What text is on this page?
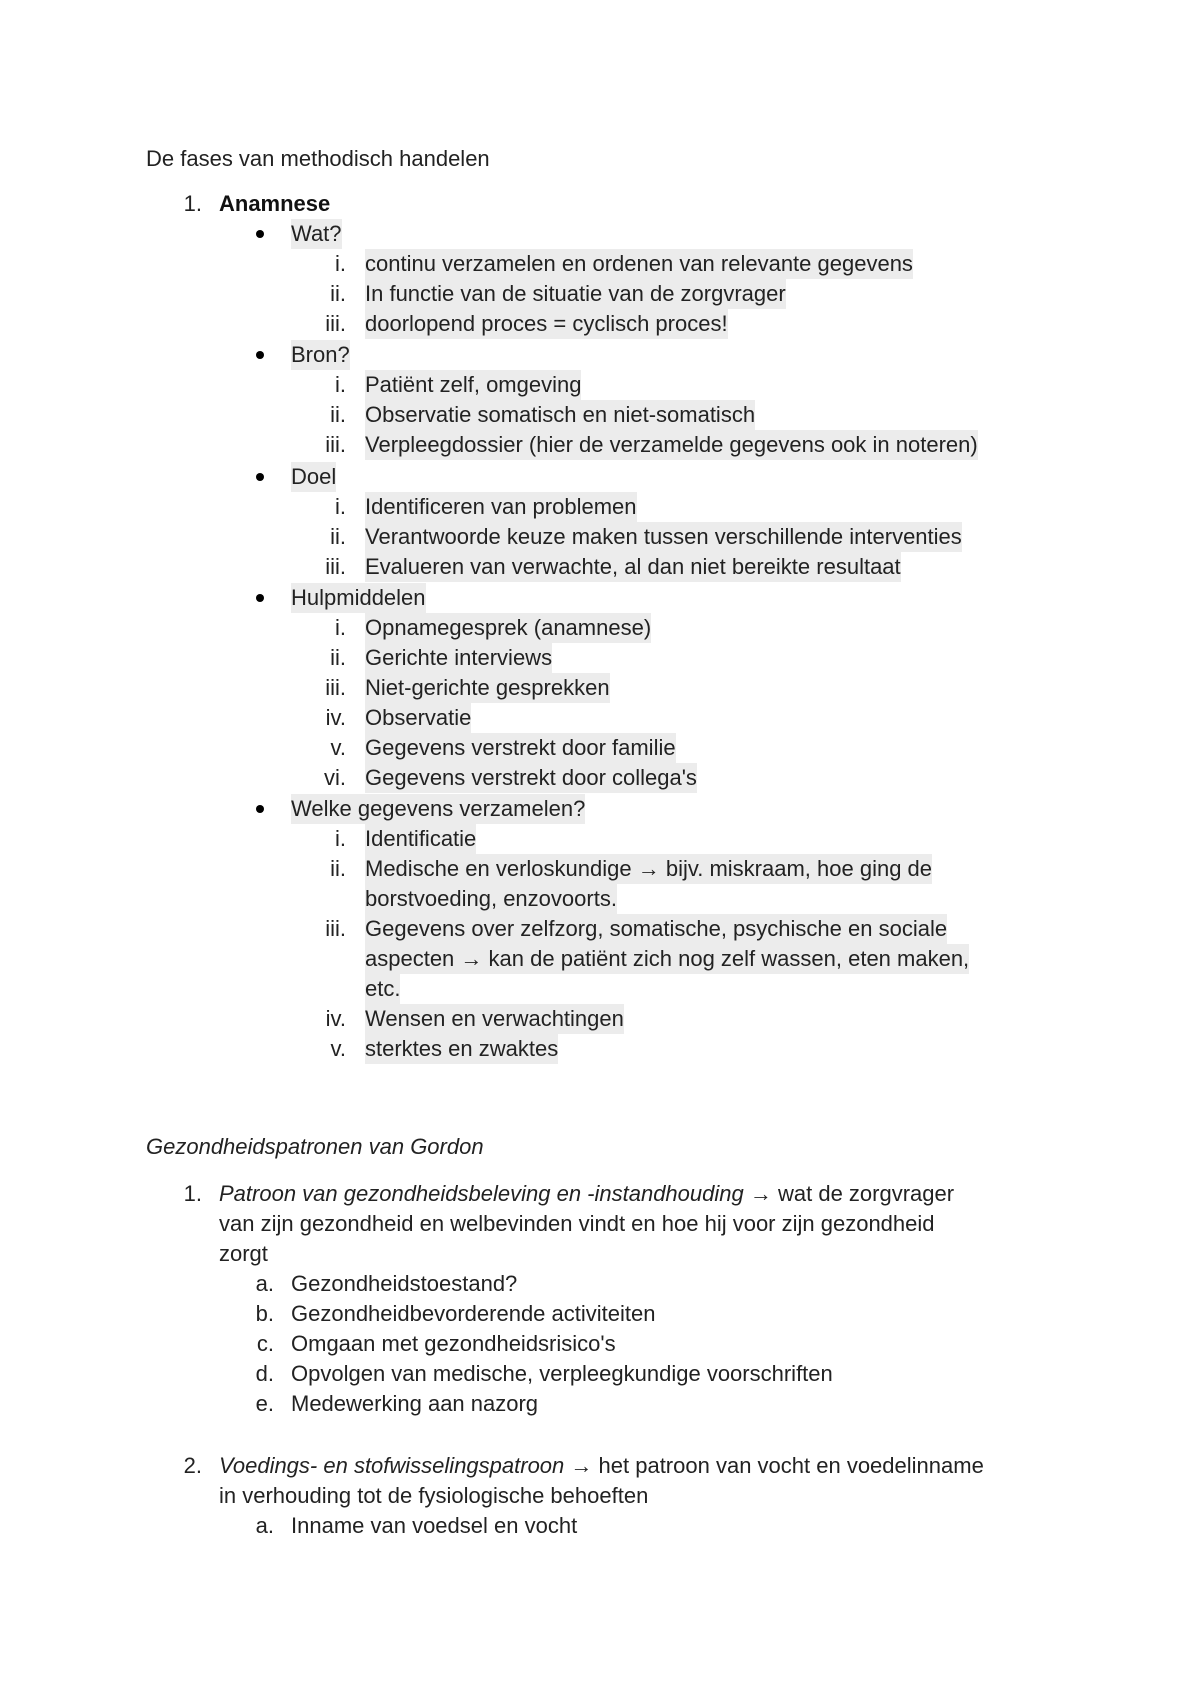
De fases van methodisch handelen
1. Anamnese
Wat?
i. continu verzamelen en ordenen van relevante gegevens
ii. In functie van de situatie van de zorgvrager
iii. doorlopend proces = cyclisch proces!
Bron?
i. Patiënt zelf, omgeving
ii. Observatie somatisch en niet-somatisch
iii. Verpleegdossier (hier de verzamelde gegevens ook in noteren)
Doel
i. Identificeren van problemen
ii. Verantwoorde keuze maken tussen verschillende interventies
iii. Evalueren van verwachte, al dan niet bereikte resultaat
Hulpmiddelen
i. Opnamegesprek (anamnese)
ii. Gerichte interviews
iii. Niet-gerichte gesprekken
iv. Observatie
v. Gegevens verstrekt door familie
vi. Gegevens verstrekt door collega's
Welke gegevens verzamelen?
i. Identificatie
ii. Medische en verloskundige → bijv. miskraam, hoe ging de
borstvoeding, enzovoorts.
iii. Gegevens over zelfzorg, somatische, psychische en sociale
aspecten → kan de patiënt zich nog zelf wassen, eten maken,
etc.
iv. Wensen en verwachtingen
v. sterktes en zwaktes
Gezondheidspatronen van Gordon
1. Patroon van gezondheidsbeleving en -instandhouding → wat de zorgvrager
van zijn gezondheid en welbevinden vindt en hoe hij voor zijn gezondheid
zorgt
a. Gezondheidstoestand?
b. Gezondheidbevorderende activiteiten
c. Omgaan met gezondheidsrisico's
d. Opvolgen van medische, verpleegkundige voorschriften
e. Medewerking aan nazorg
2. Voedings- en stofwisselingspatroon → het patroon van vocht en voedelinname
in verhouding tot de fysiologische behoeften
a. Inname van voedsel en vocht
